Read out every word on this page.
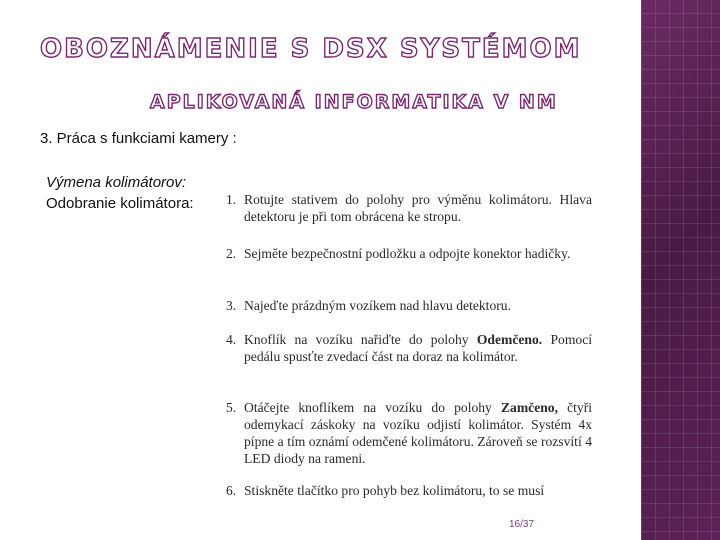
OBOZNÁMENIE S DSX SYSTÉMOM
APLIKOVANÁ INFORMATIKA V NM

3. Práca s funkciami kamery :

Výmena kolimátorov:

Odobranie kolimátora: 1. Rotujte stativem do polohy pro výměnu kolimátoru. Hlava detektoru je při tom obrácena ke stropu.
2. Sejměte bezpečnostní podložku a odpojte konektor hadičky.
3. Najeďte prázdným vozíkem nad hlavu detektoru.
4. Knoflík na vozíku nařiďte do polohy Odemčeno. Pomocí pedálu spusťte zvedací část na doraz na kolimátor.
5. Otáčejte knoflíkem na vozíku do polohy Zamčeno, čtyři odemykací záskoky na vozíku odjistí kolimátor. Systém 4x pípne a tím oznámí odemčené kolimátoru. Zároveň se rozsvítí 4 LED diody na rameni.
6. Stiskněte tlačítko pro pohyb bez kolimátoru, to se musí

16/37
